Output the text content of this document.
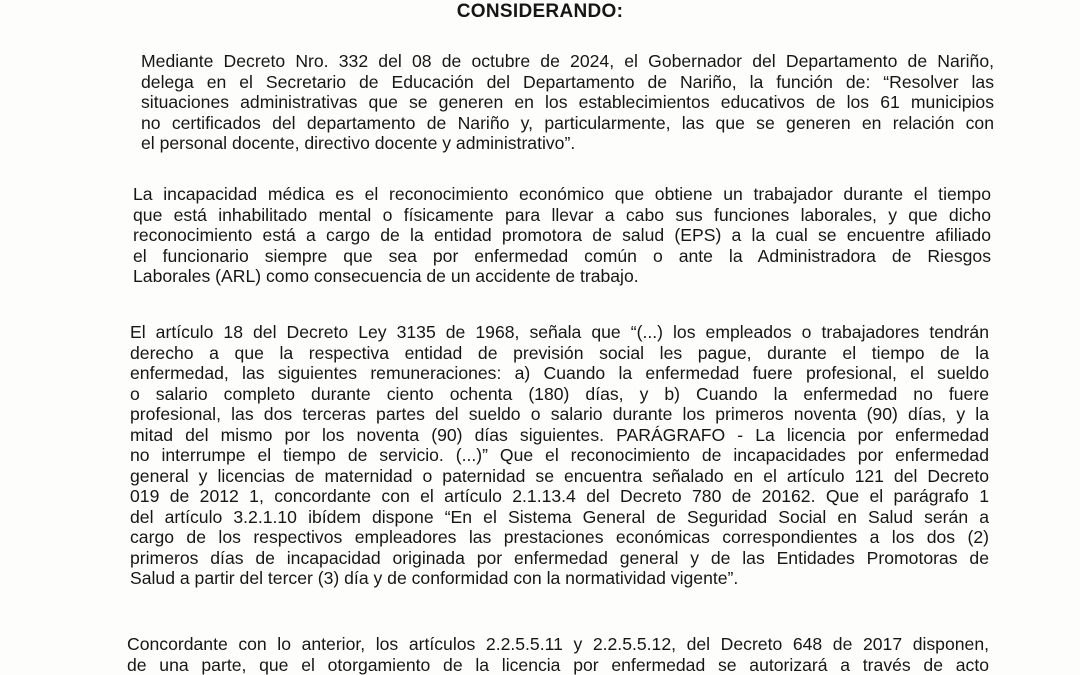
CONSIDERANDO:

Mediante Decreto Nro. 332 del 08 de octubre de 2024, el Gobernador del Departamento de Nariño,
delega en el Secretario de Educación del Departamento de Nariño, la función de: “Resolver las
situaciones administrativas que se generen en los establecimientos educativos de los 61 municipios
no certificados del departamento de Nariño y, particularmente, las que se generen en relación con
el personal docente, directivo docente y administrativo”.

La incapacidad médica es el reconocimiento económico que obtiene un trabajador durante el tiempo
que está inhabilitado mental o físicamente para llevar a cabo sus funciones laborales, y que dicho
reconocimiento está a cargo de la entidad promotora de salud (EPS) a la cual se encuentre afiliado
el funcionario siempre que sea por enfermedad común o ante la Administradora de Riesgos
Laborales (ARL) como consecuencia de un accidente de trabajo.

El artículo 18 del Decreto Ley 3135 de 1968, señala que “(...) los empleados o trabajadores tendrán
derecho a que la respectiva entidad de previsión social les pague, durante el tiempo de la
enfermedad, las siguientes remuneraciones: a) Cuando la enfermedad fuere profesional, el sueldo
o salario completo durante ciento ochenta (180) días, y b) Cuando la enfermedad no fuere
profesional, las dos terceras partes del sueldo o salario durante los primeros noventa (90) días, y la
mitad del mismo por los noventa (90) días siguientes. PARÁGRAFO - La licencia por enfermedad
no interrumpe el tiempo de servicio. (...)” Que el reconocimiento de incapacidades por enfermedad
general y licencias de maternidad o paternidad se encuentra señalado en el artículo 121 del Decreto
019 de 2012 1, concordante con el artículo 2.1.13.4 del Decreto 780 de 20162. Que el parágrafo 1
del artículo 3.2.1.10 ibídem dispone “En el Sistema General de Seguridad Social en Salud serán a
cargo de los respectivos empleadores las prestaciones económicas correspondientes a los dos (2)
primeros días de incapacidad originada por enfermedad general y de las Entidades Promotoras de
Salud a partir del tercer (3) día y de conformidad con la normatividad vigente”.

Concordante con lo anterior, los artículos 2.2.5.5.11 y 2.2.5.5.12, del Decreto 648 de 2017 disponen,
de una parte, que el otorgamiento de la licencia por enfermedad se autorizará a través de acto
